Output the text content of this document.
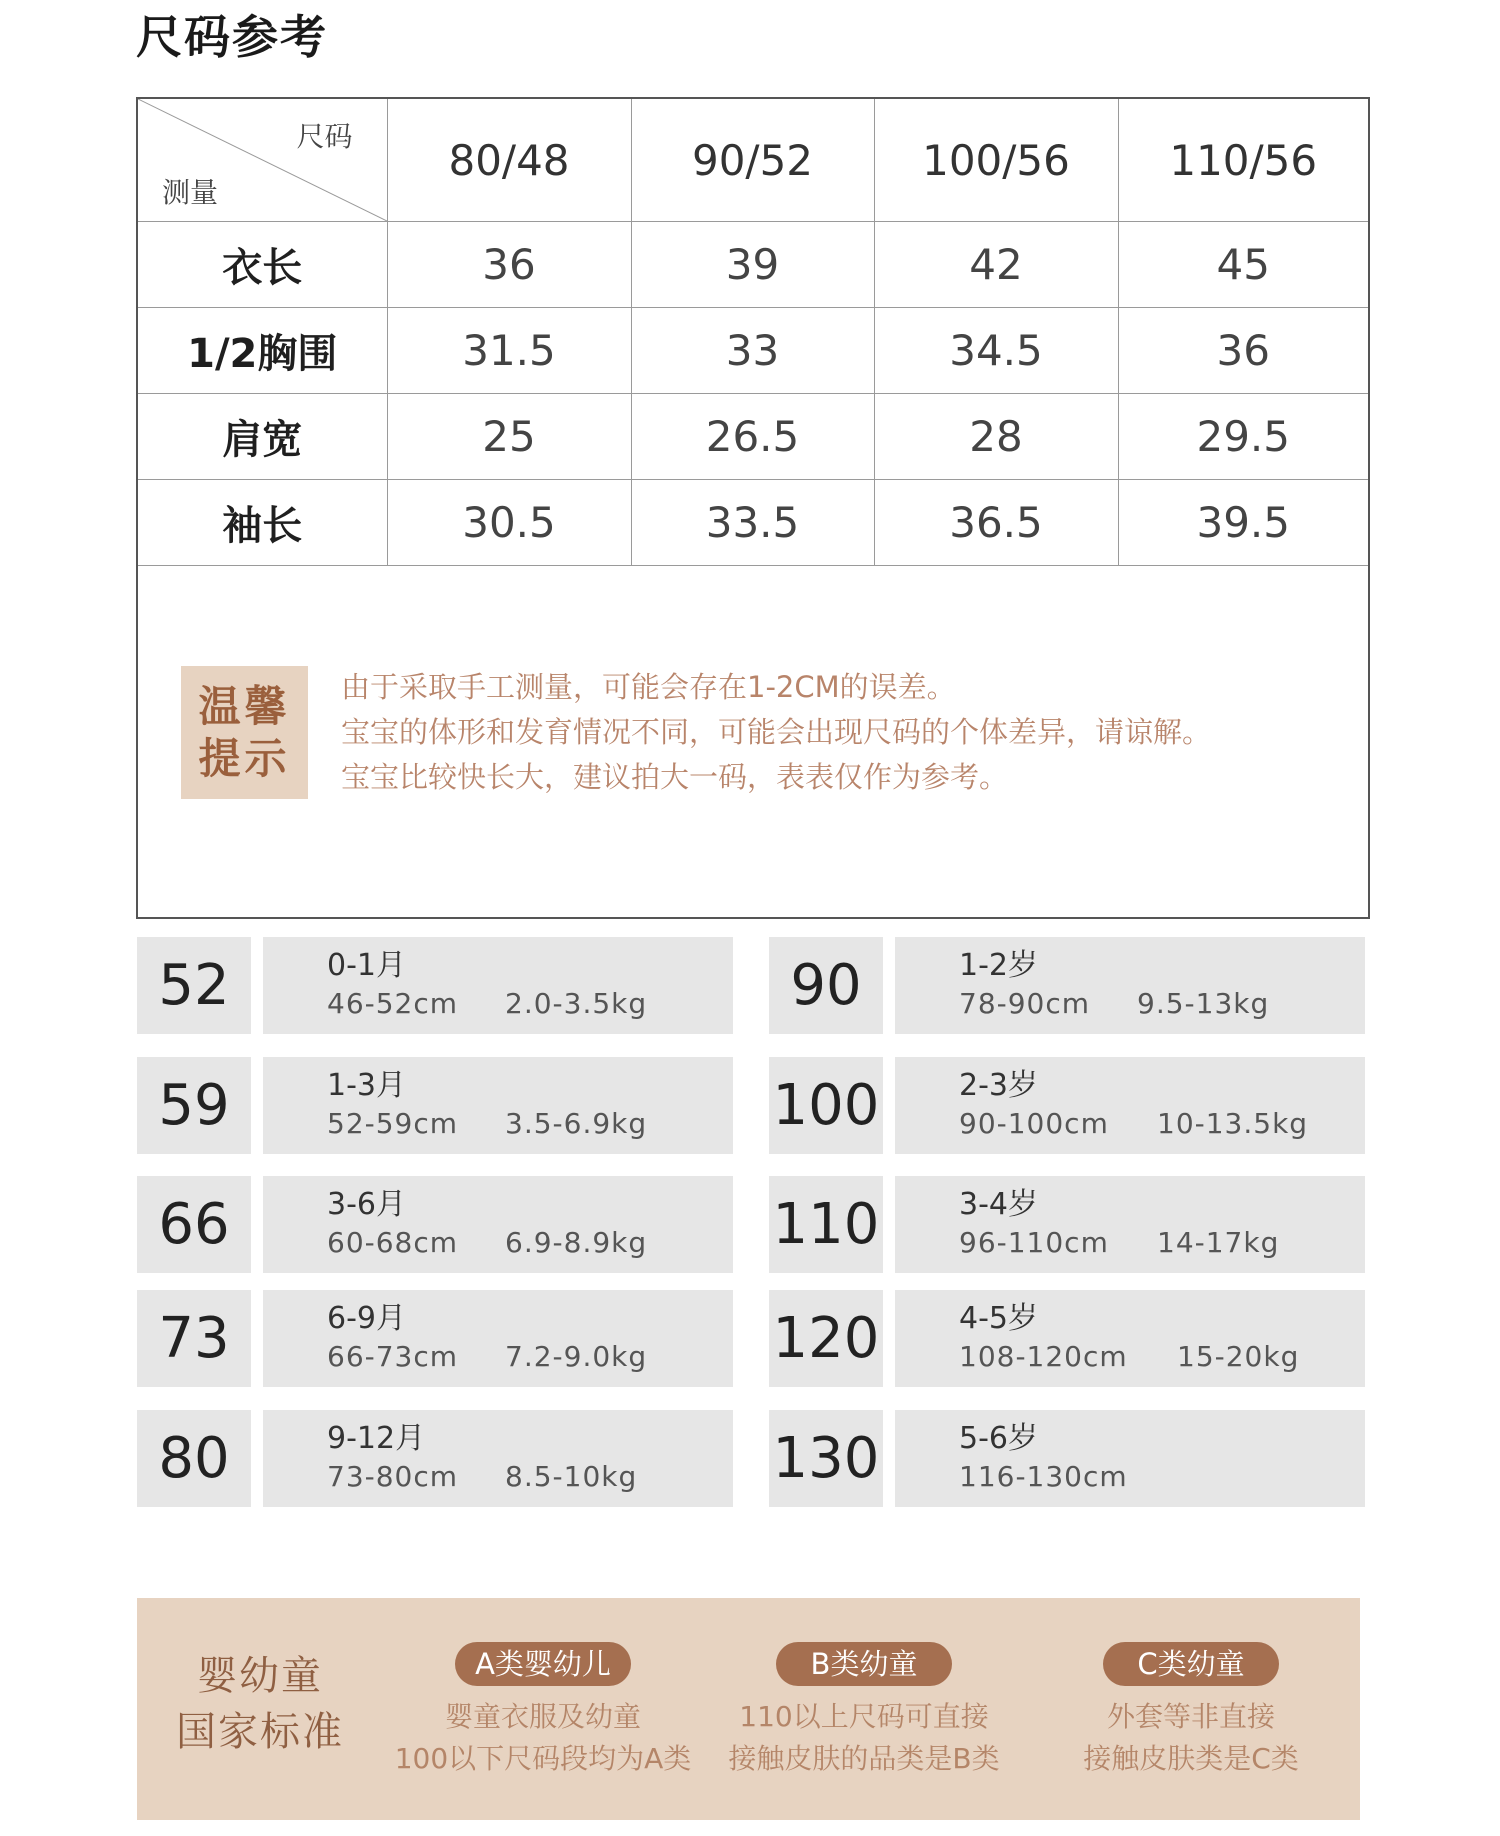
尺码参考
尺码
测量	80/48	90/52	100/56	110/56
衣长	36	39	42	45
1/2胸围	31.5	33	34.5	36
肩宽	25	26.5	28	29.5
袖长	30.5	33.5	36.5	39.5
温馨
提示
由于采取手工测量，可能会存在1-2CM的误差。
宝宝的体形和发育情况不同，可能会出现尺码的个体差异，请谅解。
宝宝比较快长大，建议拍大一码，表表仅作为参考。
52	0-1月
46-52cm 2.0-3.5kg
59	1-3月
52-59cm 3.5-6.9kg
66	3-6月
60-68cm 6.9-8.9kg
73	6-9月
66-73cm 7.2-9.0kg
80	9-12月
73-80cm 8.5-10kg
90	1-2岁
78-90cm 9.5-13kg
100	2-3岁
90-100cm 10-13.5kg
110	3-4岁
96-110cm 14-17kg
120	4-5岁
108-120cm 15-20kg
130	5-6岁
116-130cm
婴幼童
国家标准
A类婴幼儿
婴童衣服及幼童
100以下尺码段均为A类
B类幼童
110以上尺码可直接
接触皮肤的品类是B类
C类幼童
外套等非直接
接触皮肤类是C类
